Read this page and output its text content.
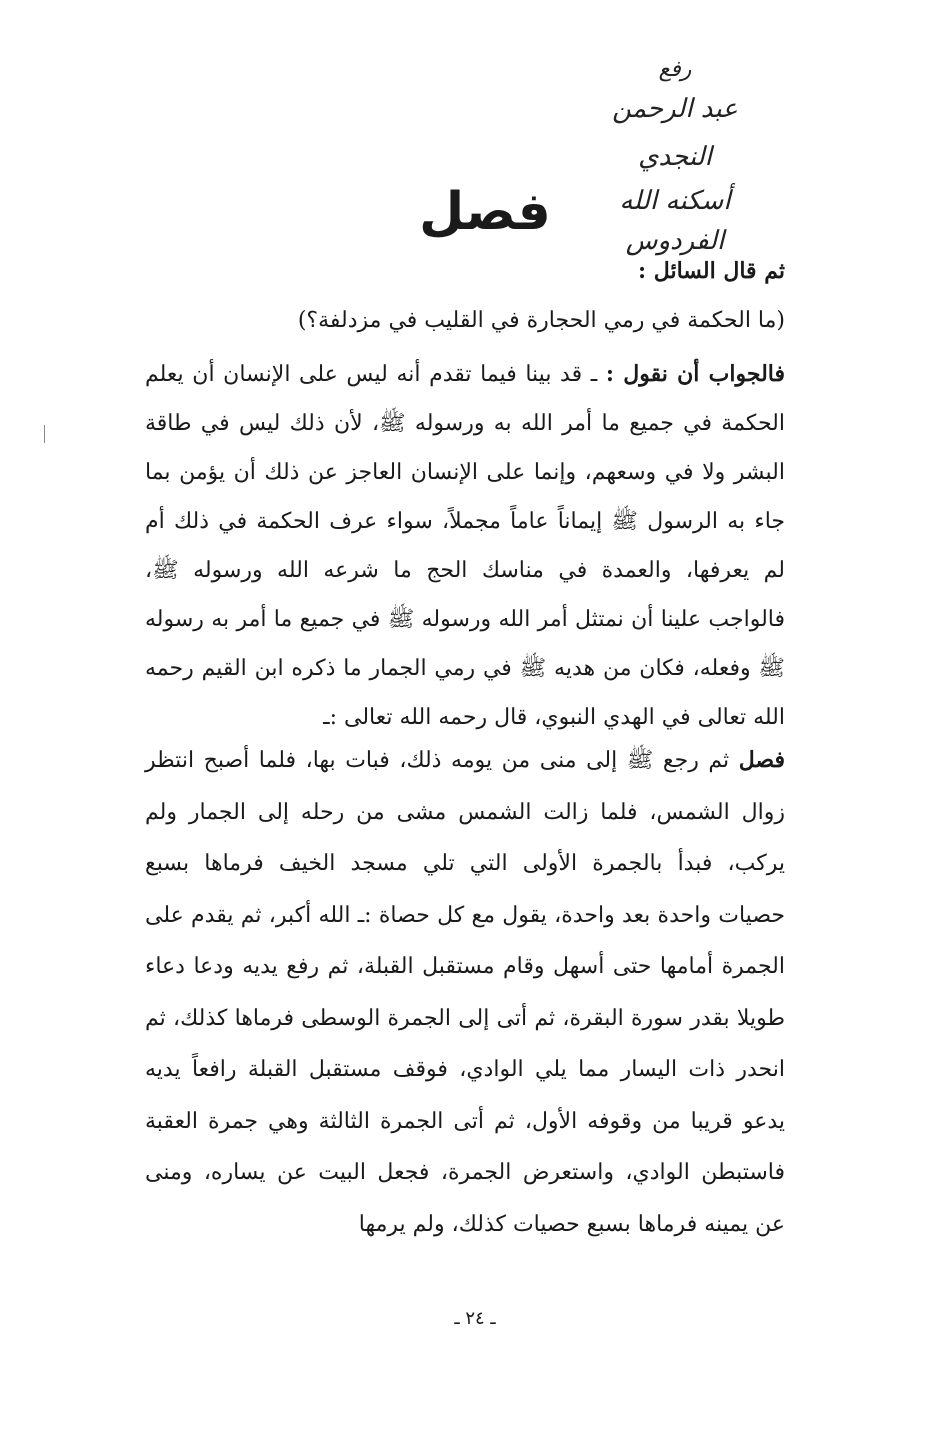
رفع
عبد الرحمن النجدي
أسكنه الله الفردوس
فصل
ثم قال السائل :
(ما الحكمة في رمي الحجارة في القليب في مزدلفة؟)
فالجواب أن نقول : ـ قد بينا فيما تقدم أنه ليس على الإنسان أن يعلم الحكمة في جميع ما أمر الله به ورسوله ﷺ، لأن ذلك ليس في طاقة البشر ولا في وسعهم، وإنما على الإنسان العاجز عن ذلك أن يؤمن بما جاء به الرسول ﷺ إيماناً عاماً مجملاً، سواء عرف الحكمة في ذلك أم لم يعرفها، والعمدة في مناسك الحج ما شرعه الله ورسوله ﷺ، فالواجب علينا أن نمتثل أمر الله ورسوله ﷺ في جميع ما أمر به رسوله ﷺ وفعله، فكان من هديه ﷺ في رمي الجمار ما ذكره ابن القيم رحمه الله تعالى في الهدي النبوي، قال رحمه الله تعالى :ـ
فصل ثم رجع ﷺ إلى منى من يومه ذلك، فبات بها، فلما أصبح انتظر زوال الشمس، فلما زالت الشمس مشى من رحله إلى الجمار ولم يركب، فبدأ بالجمرة الأولى التي تلي مسجد الخيف فرماها بسبع حصيات واحدة بعد واحدة، يقول مع كل حصاة :ـ الله أكبر، ثم يقدم على الجمرة أمامها حتى أسهل وقام مستقبل القبلة، ثم رفع يديه ودعا دعاء طويلا بقدر سورة البقرة، ثم أتى إلى الجمرة الوسطى فرماها كذلك، ثم انحدر ذات اليسار مما يلي الوادي، فوقف مستقبل القبلة رافعاً يديه يدعو قريبا من وقوفه الأول، ثم أتى الجمرة الثالثة وهي جمرة العقبة فاستبطن الوادي، واستعرض الجمرة، فجعل البيت عن يساره، ومنى عن يمينه فرماها بسبع حصيات كذلك، ولم يرمها
ـ ٢٤ ـ
